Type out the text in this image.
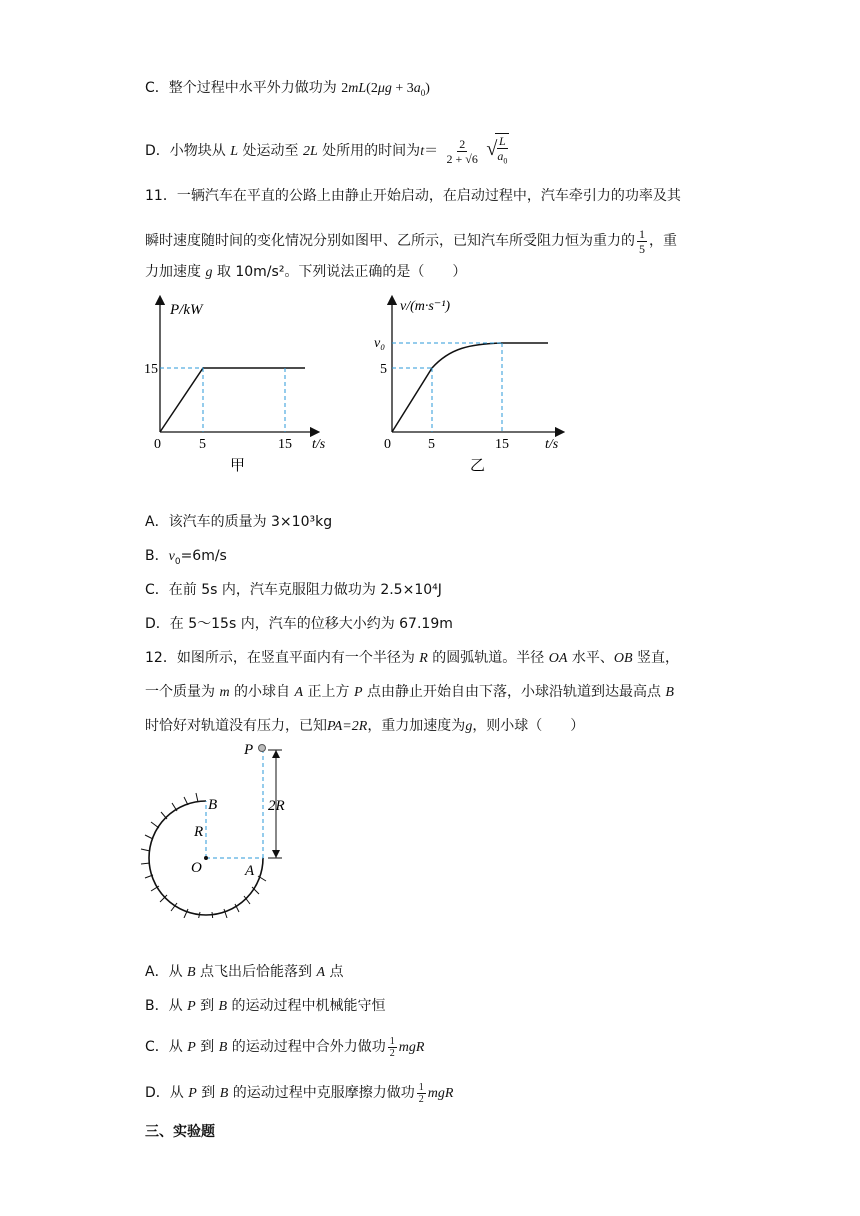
C．整个过程中水平外力做功为 $2mL(2\mu g + 3a_0)$
D．小物块从 L 处运动至 2L 处所用的时间为$t= \frac{2}{2 + √6}$ √
$\frac{L}{a_0}$
11．一辆汽车在平直的公路上由静止开始启动，在启动过程中，汽车牵引力的功率及其
瞬时速度随时间的变化情况分别如图甲、乙所示，已知汽车所受阻力恒为重力的 $\frac{1}{5}$ ，重
力加速度 g 取 10m/s²。下列说法正确的是（　　）
P/kW
15
0	5	15 t/s
甲
v/(m·s⁻¹)
v₀
5
0	5	15	t/s
乙
A．该汽车的质量为 3×10³kg
B．$v_0=6m/s$
C．在前 5s 内，汽车克服阻力做功为 2.5×10⁴J
D．在 5～15s 内，汽车的位移大小约为 67.19m
12．如图所示，在竖直平面内有一个半径为 R 的圆弧轨道。半径 OA 水平、OB 竖直，
一个质量为 m 的小球自 A 正上方 P 点由静止开始自由下落，小球沿轨道到达最高点 B
时恰好对轨道没有压力，已知PA=2R，重力加速度为g，则小球（　　）
P
B
R
O	A
2R
A．从 B 点飞出后恰能落到 A 点
B．从 P 到 B 的运动过程中机械能守恒
C．从 P 到 B 的运动过程中合外力做功 $\frac{1}{2}$ mgR
D．从 P 到 B 的运动过程中克服摩擦力做功 $\frac{1}{2}$ mgR
三、实验题
